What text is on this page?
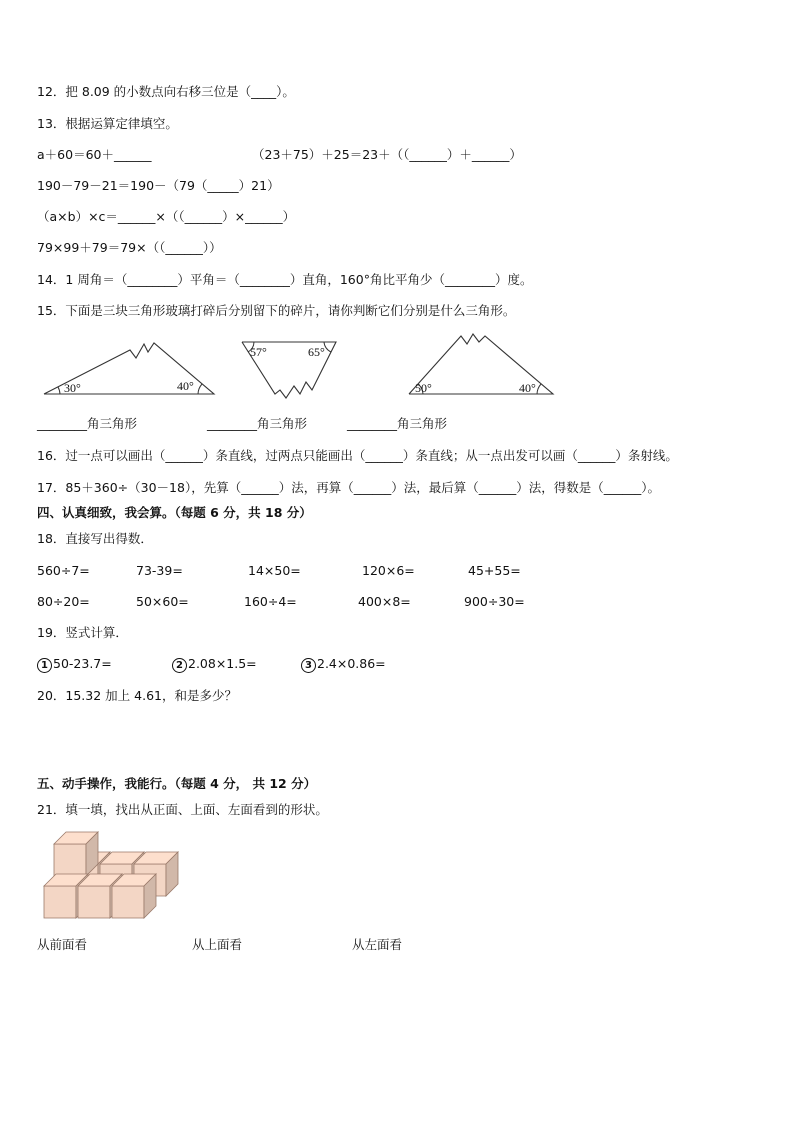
12．把 8.09 的小数点向右移三位是（____）。
13．根据运算定律填空。
a＋60＝60＋______	（23＋75）＋25＝23＋（（______）＋______）
190－79－21＝190－（79（_____）21）
（a×b）×c＝______×（（______）×______）
79×99＋79＝79×（（______））
14．1 周角＝（________）平角＝（________）直角，160°角比平角少（________）度。
15．下面是三块三角形玻璃打碎后分别留下的碎片，请你判断它们分别是什么三角形。
30°	40°
57°	65°
50°	40°
________角三角形	________角三角形	________角三角形
16．过一点可以画出（______）条直线，过两点只能画出（______）条直线；从一点出发可以画（______）条射线。
17．85＋360÷（30－18），先算（______）法，再算（______）法，最后算（______）法，得数是（______）。
四、认真细致，我会算。（每题 6 分，共 18 分）
18．直接写出得数．
560÷7=	73-39=	14×50=	120×6=	45+55=
80÷20=	50×60=	160÷4=	400×8=	900÷30=
19．竖式计算．
1 50-23.7=	2 2.08×1.5=	3 2.4×0.86=
20．15.32 加上 4.61，和是多少？
五、动手操作，我能行。（每题 4 分， 共 12 分）
21．填一填，找出从正面、上面、左面看到的形状。
从前面看	从上面看	从左面看
